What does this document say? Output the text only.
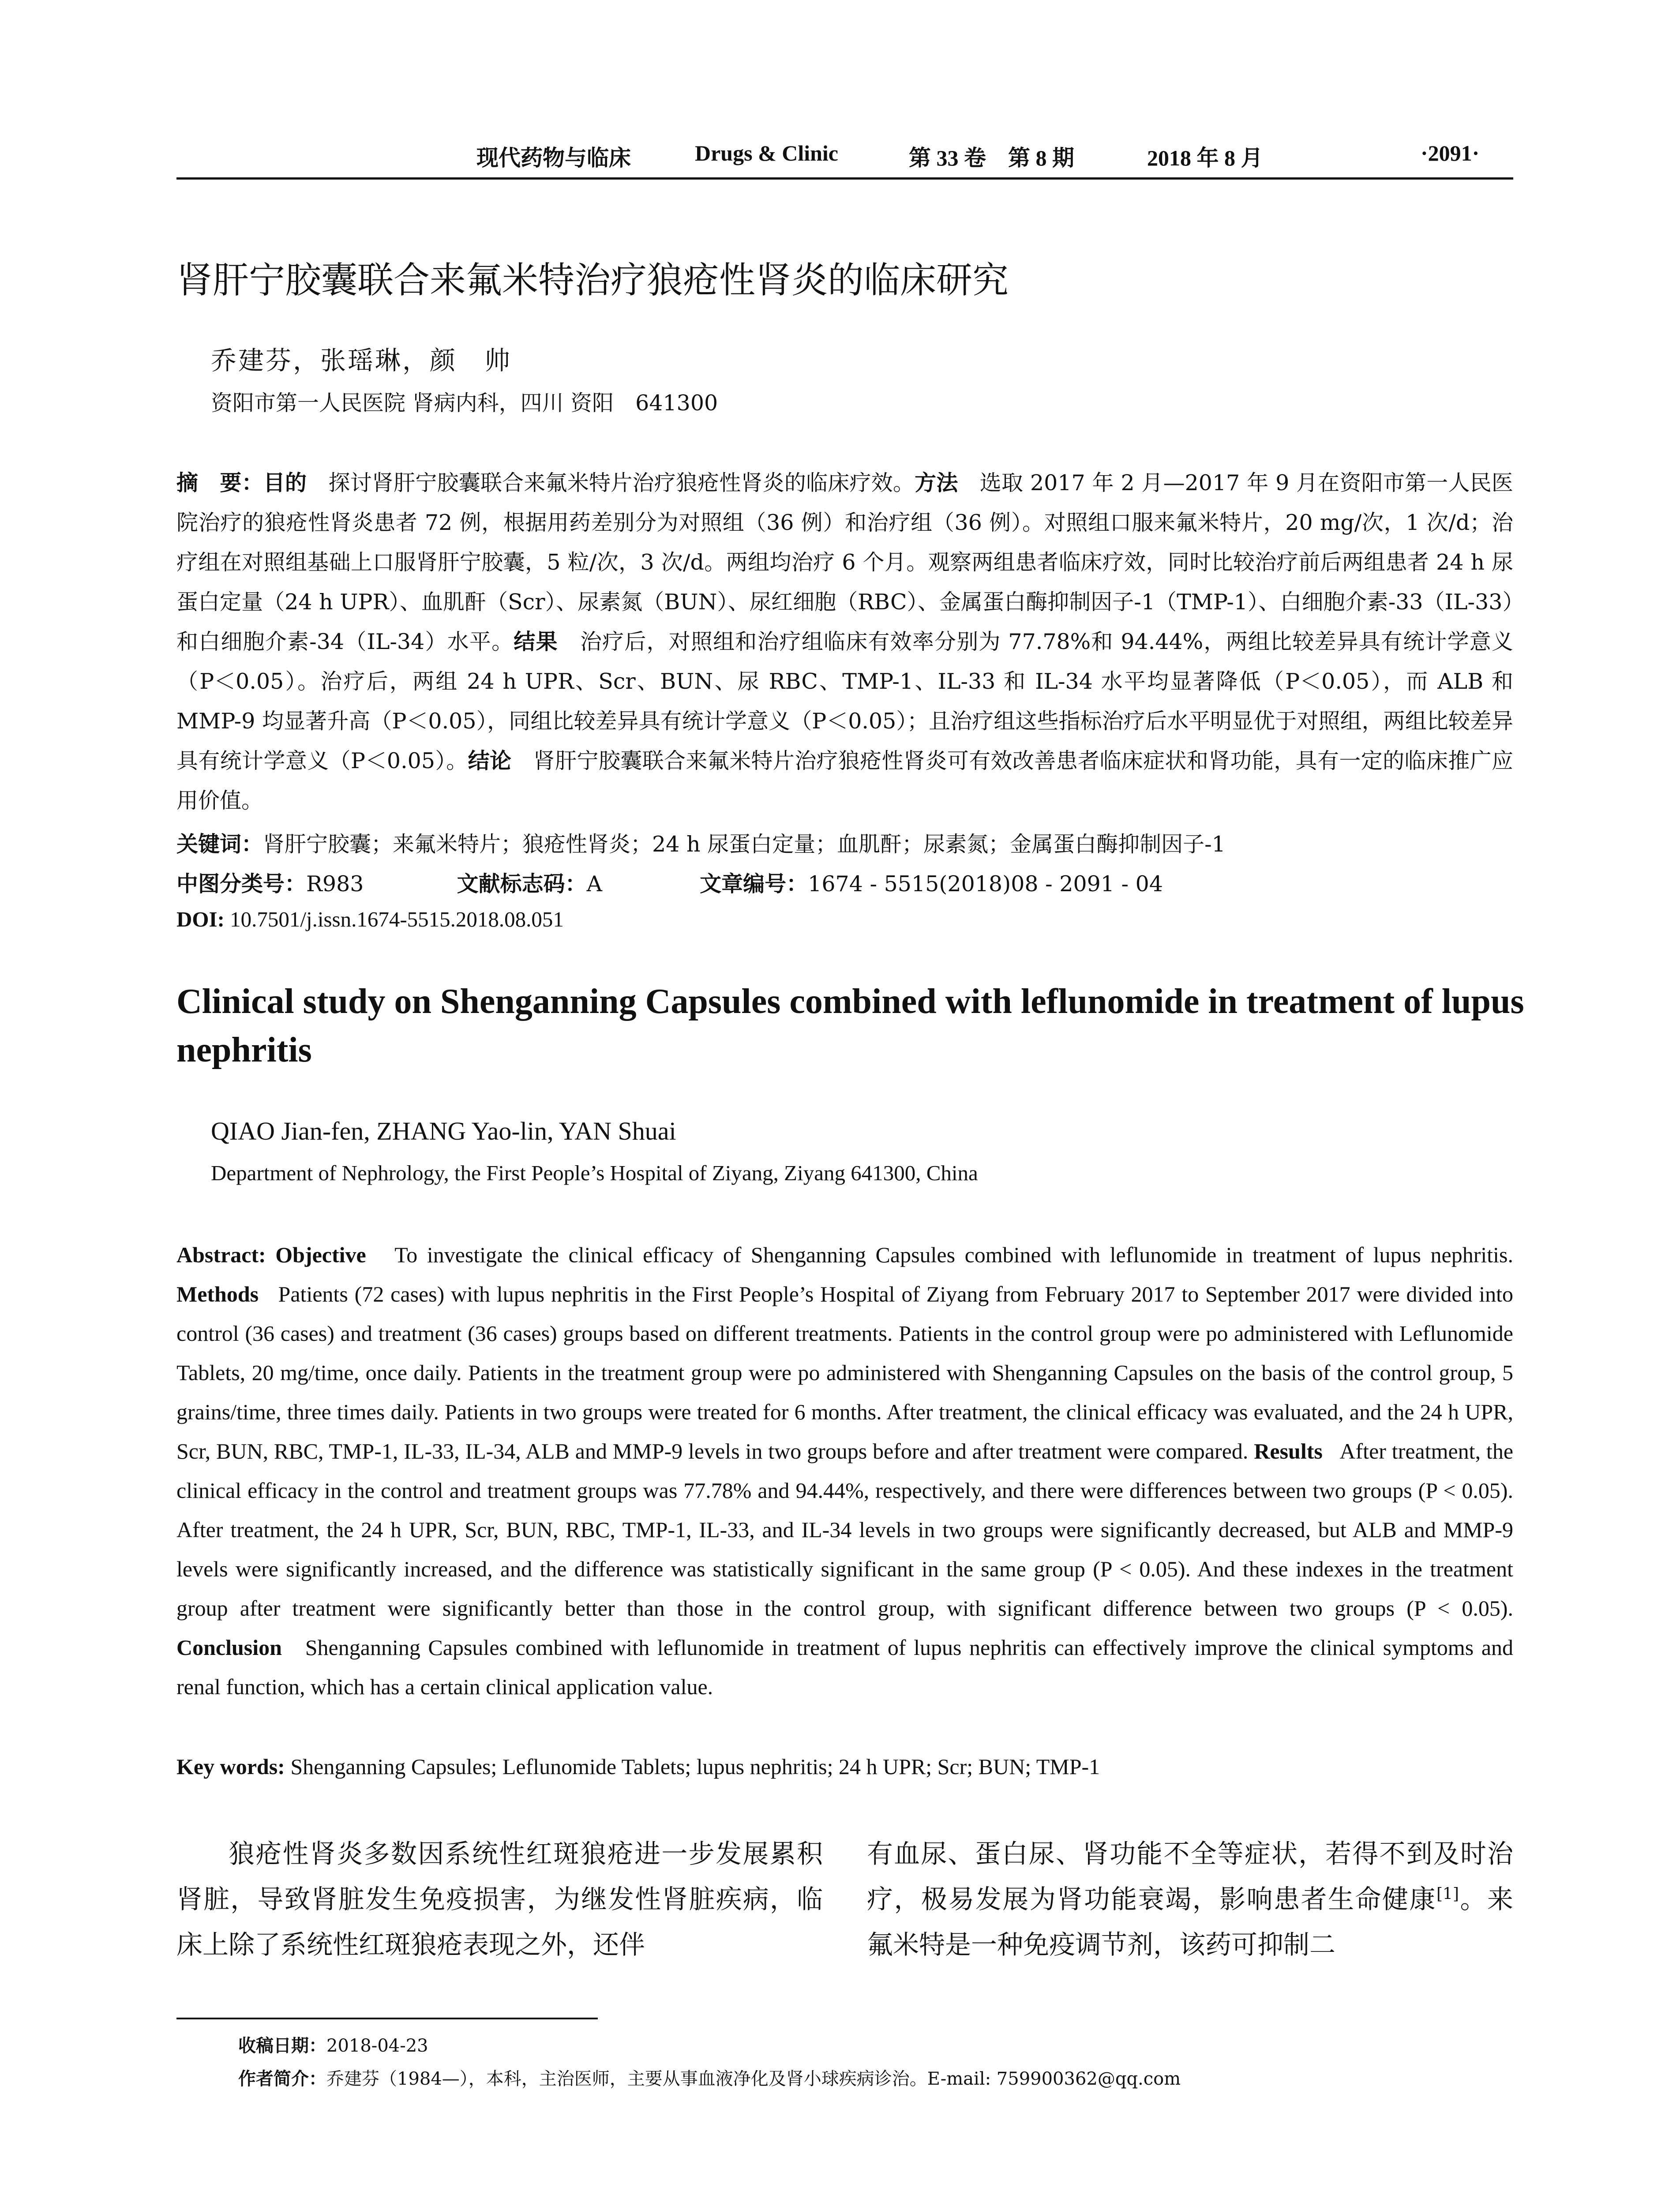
现代药物与临床	Drugs & Clinic	第 33 卷　第 8 期	2018 年 8 月	·2091·
肾肝宁胶囊联合来氟米特治疗狼疮性肾炎的临床研究
乔建芬，张瑶琳，颜　帅
资阳市第一人民医院 肾病内科，四川 资阳　641300
摘　要：目的　 探讨肾肝宁胶囊联合来氟米特片治疗狼疮性肾炎的临床疗效。方法　 选取 2017 年 2 月—2017 年 9 月在资阳市第一人民医院治疗的狼疮性肾炎患者 72 例，根据用药差别分为对照组（36 例）和治疗组（36 例）。对照组口服来氟米特片，20 mg/次，1 次/d；治疗组在对照组基础上口服肾肝宁胶囊，5 粒/次，3 次/d。两组均治疗 6 个月。观察两组患者临床疗效，同时比较治疗前后两组患者 24 h 尿蛋白定量（24 h UPR）、血肌酐（Scr）、尿素氮（BUN）、尿红细胞（RBC）、金属蛋白酶抑制因子-1（TMP-1）、白细胞介素-33（IL-33）和白细胞介素-34（IL-34）水平。结果　 治疗后，对照组和治疗组临床有效率分别为 77.78%和 94.44%，两组比较差异具有统计学意义（P＜0.05）。治疗后，两组 24 h UPR、Scr、BUN、尿 RBC、TMP-1、IL-33 和 IL-34 水平均显著降低（P＜0.05），而 ALB 和 MMP-9 均显著升高（P＜0.05），同组比较差异具有统计学意义（P＜0.05）；且治疗组这些指标治疗后水平明显优于对照组，两组比较差异具有统计学意义（P＜0.05）。结论　 肾肝宁胶囊联合来氟米特片治疗狼疮性肾炎可有效改善患者临床症状和肾功能，具有一定的临床推广应用价值。
关键词：肾肝宁胶囊；来氟米特片；狼疮性肾炎；24 h 尿蛋白定量；血肌酐；尿素氮；金属蛋白酶抑制因子-1
中图分类号：R983	文献标志码：A	文章编号：1674 - 5515(2018)08 - 2091 - 04
DOI: 10.7501/j.issn.1674-5515.2018.08.051
Clinical study on Shenganning Capsules combined with leflunomide in treatment of lupus nephritis
QIAO Jian-fen, ZHANG Yao-lin, YAN Shuai
Department of Nephrology, the First People’s Hospital of Ziyang, Ziyang 641300, China
Abstract: Objective To investigate the clinical efficacy of Shenganning Capsules combined with leflunomide in treatment of lupus nephritis. Methods Patients (72 cases) with lupus nephritis in the First People’s Hospital of Ziyang from February 2017 to September 2017 were divided into control (36 cases) and treatment (36 cases) groups based on different treatments. Patients in the control group were po administered with Leflunomide Tablets, 20 mg/time, once daily. Patients in the treatment group were po administered with Shenganning Capsules on the basis of the control group, 5 grains/time, three times daily. Patients in two groups were treated for 6 months. After treatment, the clinical efficacy was evaluated, and the 24 h UPR, Scr, BUN, RBC, TMP-1, IL-33, IL-34, ALB and MMP-9 levels in two groups before and after treatment were compared. Results After treatment, the clinical efficacy in the control and treatment groups was 77.78% and 94.44%, respectively, and there were differences between two groups (P < 0.05). After treatment, the 24 h UPR, Scr, BUN, RBC, TMP-1, IL-33, and IL-34 levels in two groups were significantly decreased, but ALB and MMP-9 levels were significantly increased, and the difference was statistically significant in the same group (P < 0.05). And these indexes in the treatment group after treatment were significantly better than those in the control group, with significant difference between two groups (P < 0.05). Conclusion Shenganning Capsules combined with leflunomide in treatment of lupus nephritis can effectively improve the clinical symptoms and renal function, which has a certain clinical application value.
Key words: Shenganning Capsules; Leflunomide Tablets; lupus nephritis; 24 h UPR; Scr; BUN; TMP-1
狼疮性肾炎多数因系统性红斑狼疮进一步发展累积肾脏，导致肾脏发生免疫损害，为继发性肾脏疾病，临床上除了系统性红斑狼疮表现之外，还伴
有血尿、蛋白尿、肾功能不全等症状，若得不到及时治疗，极易发展为肾功能衰竭，影响患者生命健康[1]。来氟米特是一种免疫调节剂，该药可抑制二
收稿日期：2018-04-23
作者简介：乔建芬（1984—），本科，主治医师，主要从事血液净化及肾小球疾病诊治。E-mail: 759900362@qq.com
